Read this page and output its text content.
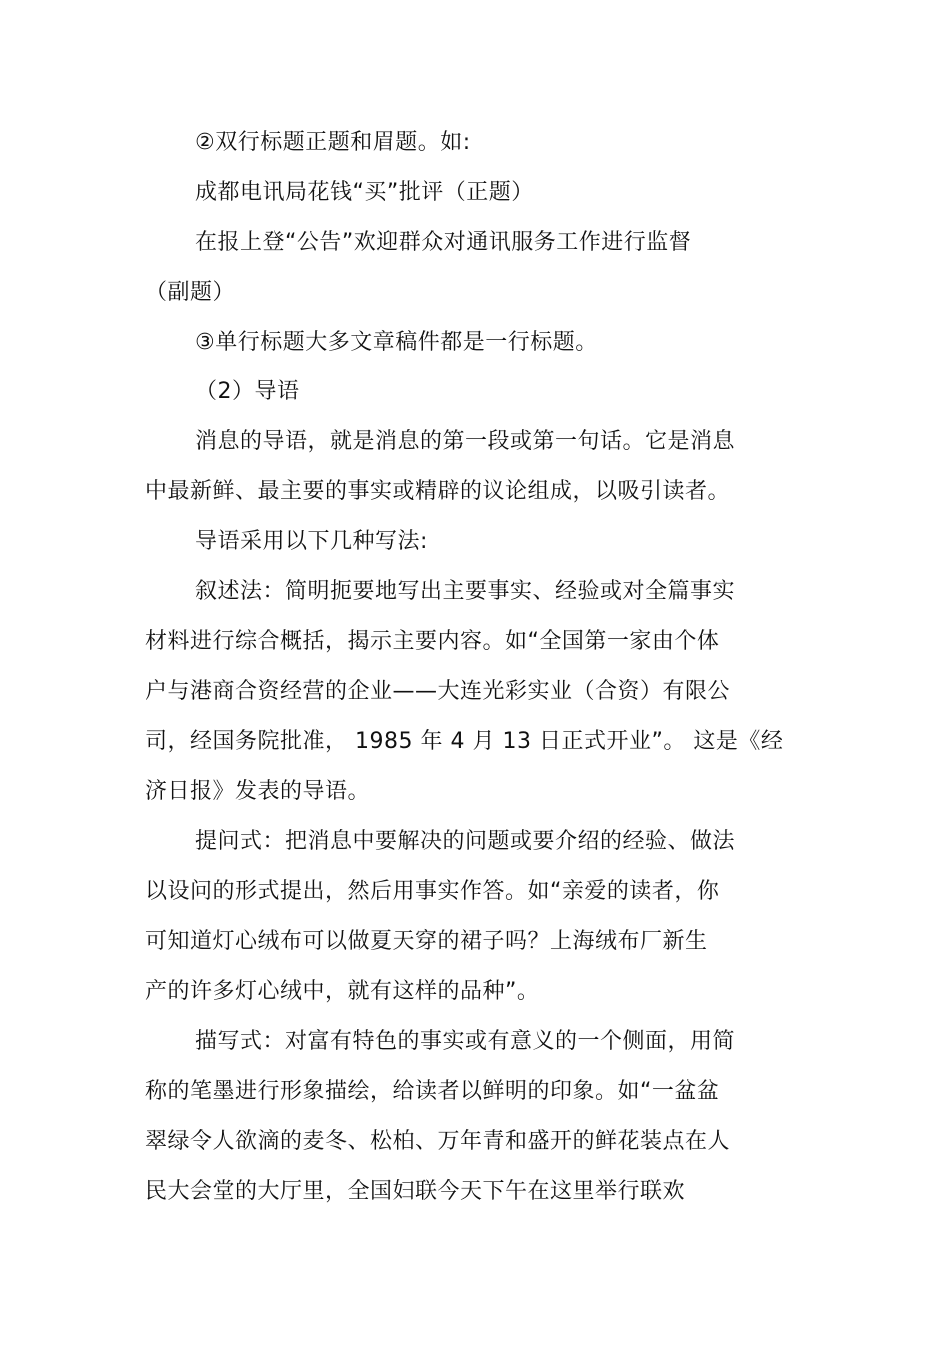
②双行标题正题和眉题。如:
成都电讯局花钱“买”批评（正题）
在报上登“公告”欢迎群众对通讯服务工作进行监督
（副题）
③单行标题大多文章稿件都是一行标题。
（2）导语
消息的导语，就是消息的第一段或第一句话。它是消息
中最新鲜、最主要的事实或精辟的议论组成，以吸引读者。
导语采用以下几种写法:
叙述法：简明扼要地写出主要事实、经验或对全篇事实
材料进行综合概括，揭示主要内容。如“全国第一家由个体
户与港商合资经营的企业——大连光彩实业（合资）有限公
司，经国务院批准， 1985 年 4 月 13 日正式开业”。 这是《经
济日报》发表的导语。
提问式：把消息中要解决的问题或要介绍的经验、做法
以设问的形式提出，然后用事实作答。如“亲爱的读者，你
可知道灯心绒布可以做夏天穿的裙子吗？上海绒布厂新生
产的许多灯心绒中，就有这样的品种”。
描写式：对富有特色的事实或有意义的一个侧面，用简
称的笔墨进行形象描绘，给读者以鲜明的印象。如“一盆盆
翠绿令人欲滴的麦冬、松柏、万年青和盛开的鲜花装点在人
民大会堂的大厅里，全国妇联今天下午在这里举行联欢
